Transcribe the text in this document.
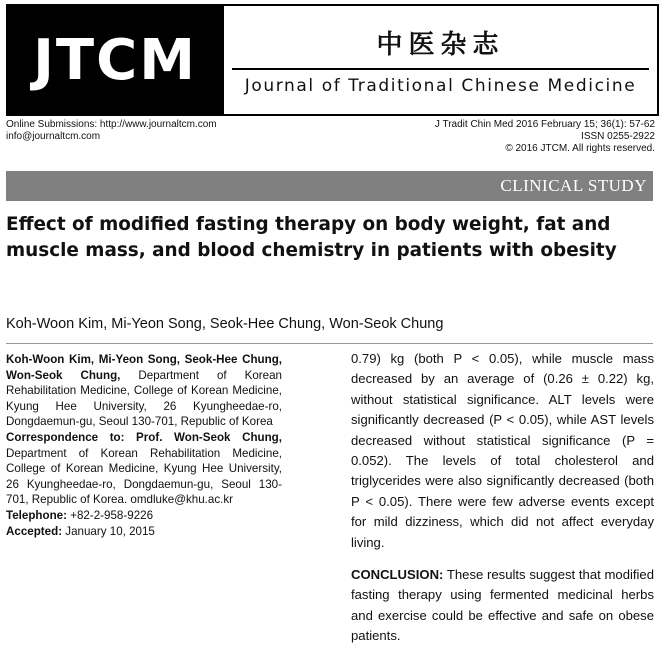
JTCM	中医杂志
Journal of Traditional Chinese Medicine
Online Submissions: http://www.journaltcm.com
info@journaltcm.com
J Tradit Chin Med 2016 February 15; 36(1): 57-62
ISSN 0255-2922
© 2016 JTCM. All rights reserved.
CLINICAL STUDY
Effect of modified fasting therapy on body weight, fat and muscle mass, and blood chemistry in patients with obesity
Koh-Woon Kim, Mi-Yeon Song, Seok-Hee Chung, Won-Seok Chung

Koh-Woon Kim, Mi-Yeon Song, Seok-Hee Chung, Won-Seok Chung, Department of Korean Rehabilitation Medicine, College of Korean Medicine, Kyung Hee University, 26 Kyungheedae-ro, Dongdaemun-gu, Seoul 130-701, Republic of Korea

Correspondence to: Prof. Won-Seok Chung, Department of Korean Rehabilitation Medicine, College of Korean Medicine, Kyung Hee University, 26 Kyungheedae-ro, Dongdaemun-gu, Seoul 130-701, Republic of Korea. omdluke@khu.ac.kr

Telephone: +82-2-958-9226

Accepted: January 10, 2015

0.79) kg (both P < 0.05), while muscle mass decreased by an average of (0.26 ± 0.22) kg, without statistical significance. ALT levels were significantly decreased (P < 0.05), while AST levels decreased without statistical significance (P = 0.052). The levels of total cholesterol and triglycerides were also significantly decreased (both P < 0.05). There were few adverse events except for mild dizziness, which did not affect everyday living.

CONCLUSION: These results suggest that modified fasting therapy using fermented medicinal herbs and exercise could be effective and safe on obese patients.
